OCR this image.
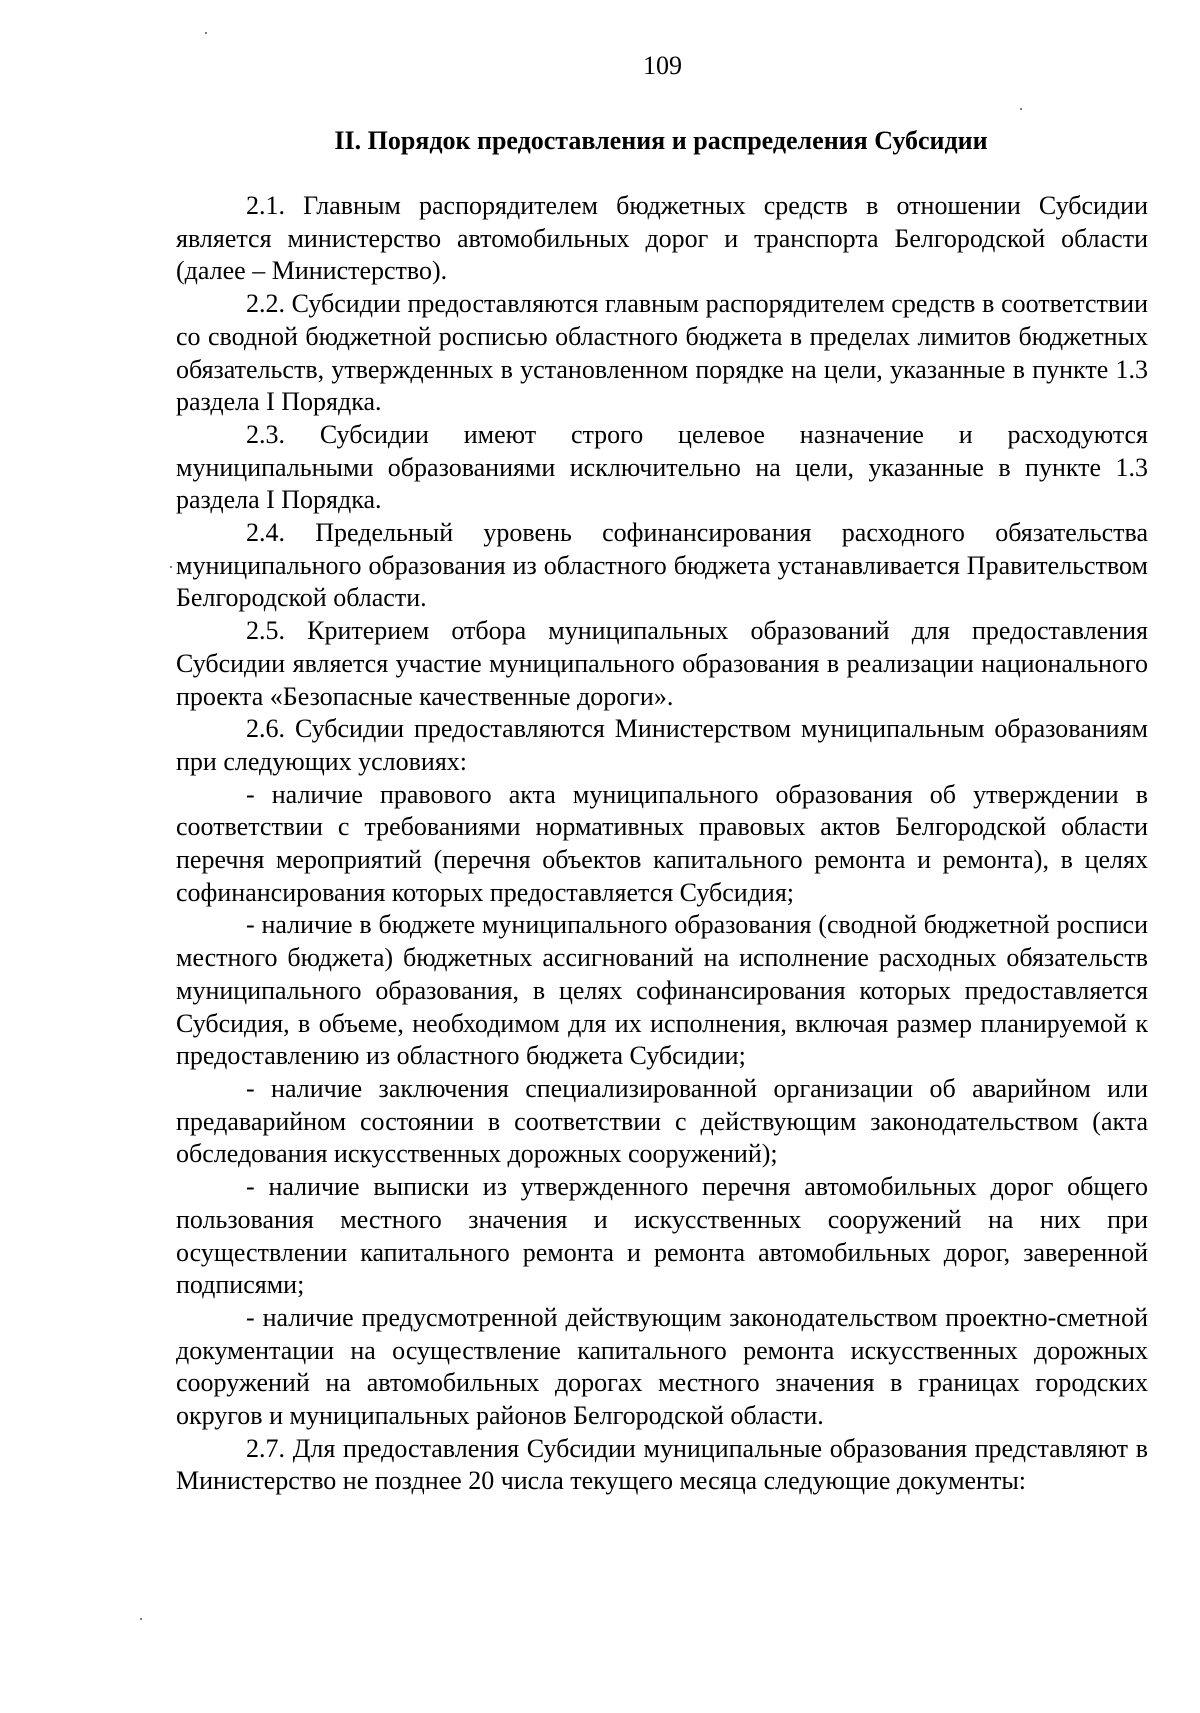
109
II. Порядок предоставления и распределения Субсидии

2.1. Главным распорядителем бюджетных средств в отношении Субсидии является министерство автомобильных дорог и транспорта Белгородской области (далее – Министерство).

2.2. Субсидии предоставляются главным распорядителем средств в соответствии со сводной бюджетной росписью областного бюджета в пределах лимитов бюджетных обязательств, утвержденных в установленном порядке на цели, указанные в пункте 1.3 раздела I Порядка.

2.3. Субсидии имеют строго целевое назначение и расходуются муниципальными образованиями исключительно на цели, указанные в пункте 1.3 раздела I Порядка.

2.4. Предельный уровень софинансирования расходного обязательства муниципального образования из областного бюджета устанавливается Правительством Белгородской области.

2.5. Критерием отбора муниципальных образований для предоставления Субсидии является участие муниципального образования в реализации национального проекта «Безопасные качественные дороги».

2.6. Субсидии предоставляются Министерством муниципальным образованиям при следующих условиях:

- наличие правового акта муниципального образования об утверждении в соответствии с требованиями нормативных правовых актов Белгородской области перечня мероприятий (перечня объектов капитального ремонта и ремонта), в целях софинансирования которых предоставляется Субсидия;

- наличие в бюджете муниципального образования (сводной бюджетной росписи местного бюджета) бюджетных ассигнований на исполнение расходных обязательств муниципального образования, в целях софинансирования которых предоставляется Субсидия, в объеме, необходимом для их исполнения, включая размер планируемой к предоставлению из областного бюджета Субсидии;

- наличие заключения специализированной организации об аварийном или предаварийном состоянии в соответствии с действующим законодательством (акта обследования искусственных дорожных сооружений);

- наличие выписки из утвержденного перечня автомобильных дорог общего пользования местного значения и искусственных сооружений на них при осуществлении капитального ремонта и ремонта автомобильных дорог, заверенной подписями;

- наличие предусмотренной действующим законодательством проектно-сметной документации на осуществление капитального ремонта искусственных дорожных сооружений на автомобильных дорогах местного значения в границах городских округов и муниципальных районов Белгородской области.

2.7. Для предоставления Субсидии муниципальные образования представляют в Министерство не позднее 20 числа текущего месяца следующие документы:
